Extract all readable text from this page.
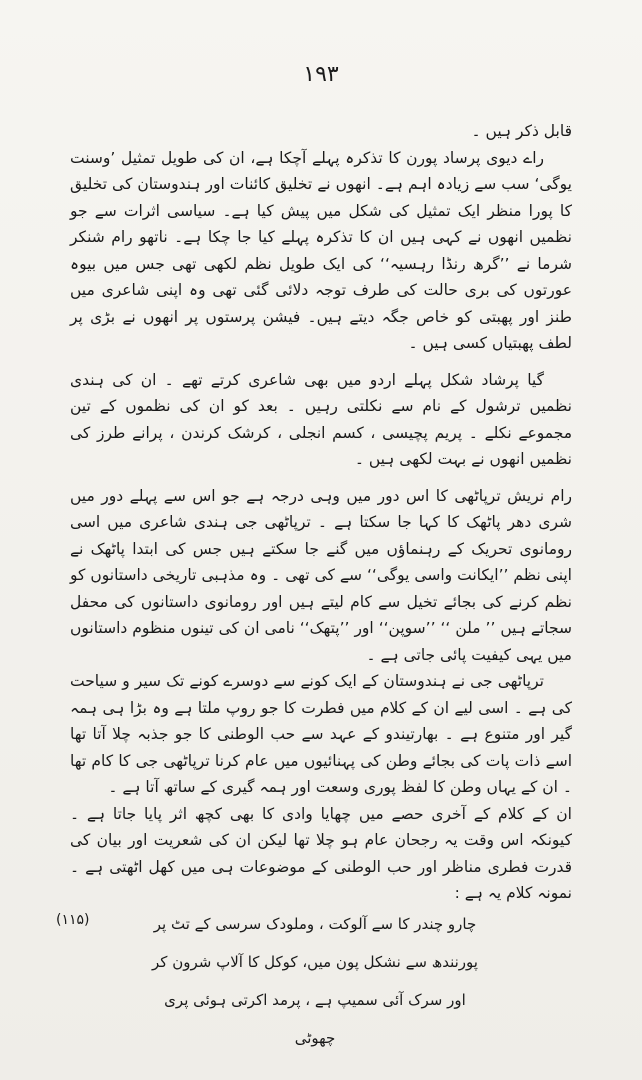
١٩٣

قابل ذکر ہیں ۔

راے دیوی پرساد پورن کا تذکرہ پہلے آچکا ہے، ان کی طویل تمثیل ’وسنت یوگی‘ سب سے زیادہ اہم ہے۔ انھوں نے تخلیق کائنات اور ہندوستان کی تخلیق کا پورا منظر ایک تمثیل کی شکل میں پیش کیا ہے۔ سیاسی اثرات سے جو نظمیں انھوں نے کہی ہیں ان کا تذکرہ پہلے کیا جا چکا ہے۔ ناتھو رام شنکر شرما نے ’’گرھ رنڈا رہسیہ‘‘ کی ایک طویل نظم لکھی تھی جس میں بیوہ عورتوں کی بری حالت کی طرف توجہ دلائی گئی تھی وہ اپنی شاعری میں طنز اور پھبتی کو خاص جگہ دیتے ہیں۔ فیشن پرستوں پر انھوں نے بڑی پر لطف پھبتیاں کسی ہیں ۔

گیا پرشاد شکل پہلے اردو میں بھی شاعری کرتے تھے ۔ ان کی ہندی نظمیں ترشول کے نام سے نکلتی رہیں ۔ بعد کو ان کی نظموں کے تین مجموعے نکلے ۔ پریم پچیسی ، کسم انجلی ، کرشک کرندن ، پرانے طرز کی نظمیں انھوں نے بہت لکھی ہیں ۔

رام نریش ترپاٹھی کا اس دور میں وہی درجہ ہے جو اس سے پہلے دور میں شری دھر پاٹھک کا کہا جا سکتا ہے ۔ ترپاٹھی جی ہندی شاعری میں اسی رومانوی تحریک کے رہنماؤں میں گنے جا سکتے ہیں جس کی ابتدا پاٹھک نے اپنی نظم ’’ایکانت واسی یوگی‘‘ سے کی تھی ۔ وہ مذہبی تاریخی داستانوں کو نظم کرنے کی بجائے تخیل سے کام لیتے ہیں اور رومانوی داستانوں کی محفل سجاتے ہیں ’’ ملن ‘‘ ’’سوپن‘‘ اور ’’پتھک‘‘ نامی ان کی تینوں منظوم داستانوں میں یہی کیفیت پائی جاتی ہے ۔

ترپاٹھی جی نے ہندوستان کے ایک کونے سے دوسرے کونے تک سیر و سیاحت کی ہے ۔ اسی لیے ان کے کلام میں فطرت کا جو روپ ملتا ہے وہ بڑا ہی ہمہ گیر اور متنوع ہے ۔ بھارتیندو کے عہد سے حب الوطنی کا جو جذبہ چلا آتا تھا اسے ذات پات کی بجائے وطن کی پہنائیوں میں عام کرنا ترپاٹھی جی کا کام تھا ۔ ان کے یہاں وطن کا لفظ پوری وسعت اور ہمہ گیری کے ساتھ آتا ہے ۔

ان کے کلام کے آخری حصے میں چھایا وادی کا بھی کچھ اثر پایا جاتا ہے ۔ کیونکہ اس وقت یہ رجحان عام ہو چلا تھا لیکن ان کی شعریت اور بیان کی قدرت فطری مناظر اور حب الوطنی کے موضوعات ہی میں کھل اٹھتی ہے ۔ نمونہ کلام یہ ہے :

(۱۱۵)	چارو چندر کا سے آلوکت ، وملودک سرسی کے تٹ پر
پورنندھ سے نشکل پون میں، کوکل کا آلاپ شرون کر
اور سرک آئی سمیپ ہے ، پرمد اکرتی ہوئی پری چھوٹی
